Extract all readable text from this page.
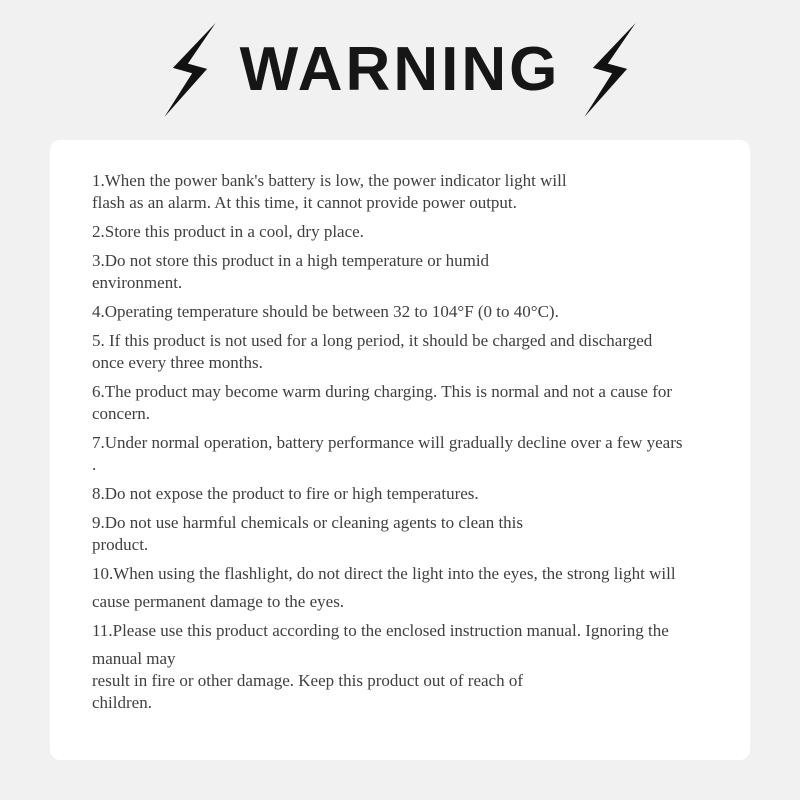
WARNING
1.When the power bank's battery is low, the power indicator light will
flash as an alarm. At this time, it cannot provide power output.
2.Store this product in a cool, dry place.
3.Do not store this product in a high temperature or humid
environment.
4.Operating temperature should be between 32 to 104°F (0 to 40°C).
5. If this product is not used for a long period, it should be charged and discharged
once every three months.
6.The product may become warm during charging. This is normal and not a cause for
concern.
7.Under normal operation, battery performance will gradually decline over a few years
.
8.Do not expose the product to fire or high temperatures.
9.Do not use harmful chemicals or cleaning agents to clean this
product.
10.When using the flashlight, do not direct the light into the eyes, the strong light will
cause permanent damage to the eyes.
11.Please use this product according to the enclosed instruction manual. Ignoring the
manual may
result in fire or other damage. Keep this product out of reach of
children.
